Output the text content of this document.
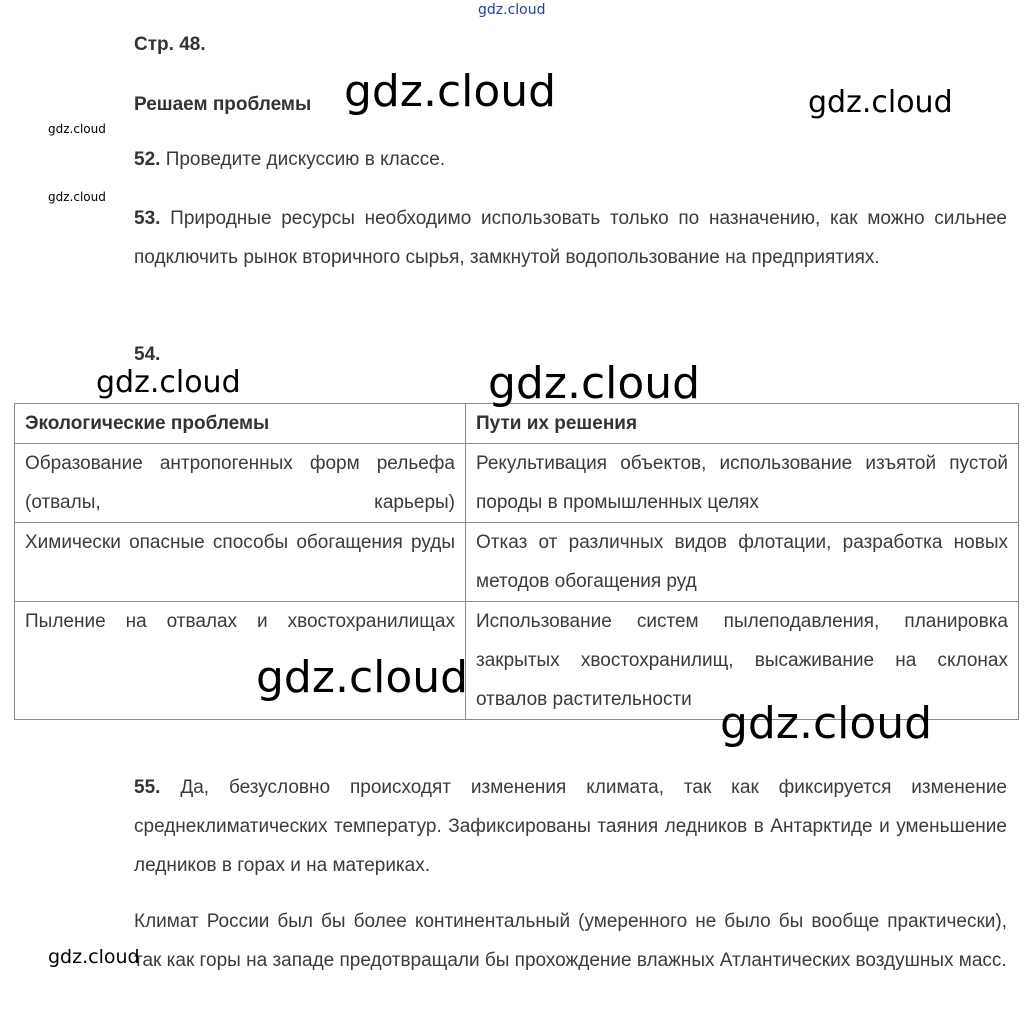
gdz.cloud
Стр. 48.
Решаем проблемы gdz.cloud	gdz.cloud
gdz.cloud
gdz.cloud

52. Проведите дискуссию в классе.

53. Природные ресурсы необходимо использовать только по назначению, как можно сильнее подключить рынок вторичного сырья, замкнутой водопользование на предприятиях.

54.
Экологические проблемы	Пути их решения
Образование антропогенных форм рельефа (отвалы, карьеры)	Рекультивация объектов, использование изъятой пустой породы в промышленных целях
Химически опасные способы обогащения руды	Отказ от различных видов флотации, разработка новых методов обогащения руд
Пыление на отвалах и хвостохранилищах	Использование систем пылеподавления, планировка закрытых хвостохранилищ, высаживание на склонах отвалов растительности
gdz.cloud	gdz.cloud
gdz.cloud
gdz.cloud

55. Да, безусловно происходят изменения климата, так как фиксируется изменение среднеклиматических температур. Зафиксированы таяния ледников в Антарктиде и уменьшение ледников в горах и на материках.

Климат России был бы более континентальный (умеренного не было бы вообще практически), так как горы на западе предотвращали бы прохождение влажных Атлантических воздушных масс.

gdz.cloud
